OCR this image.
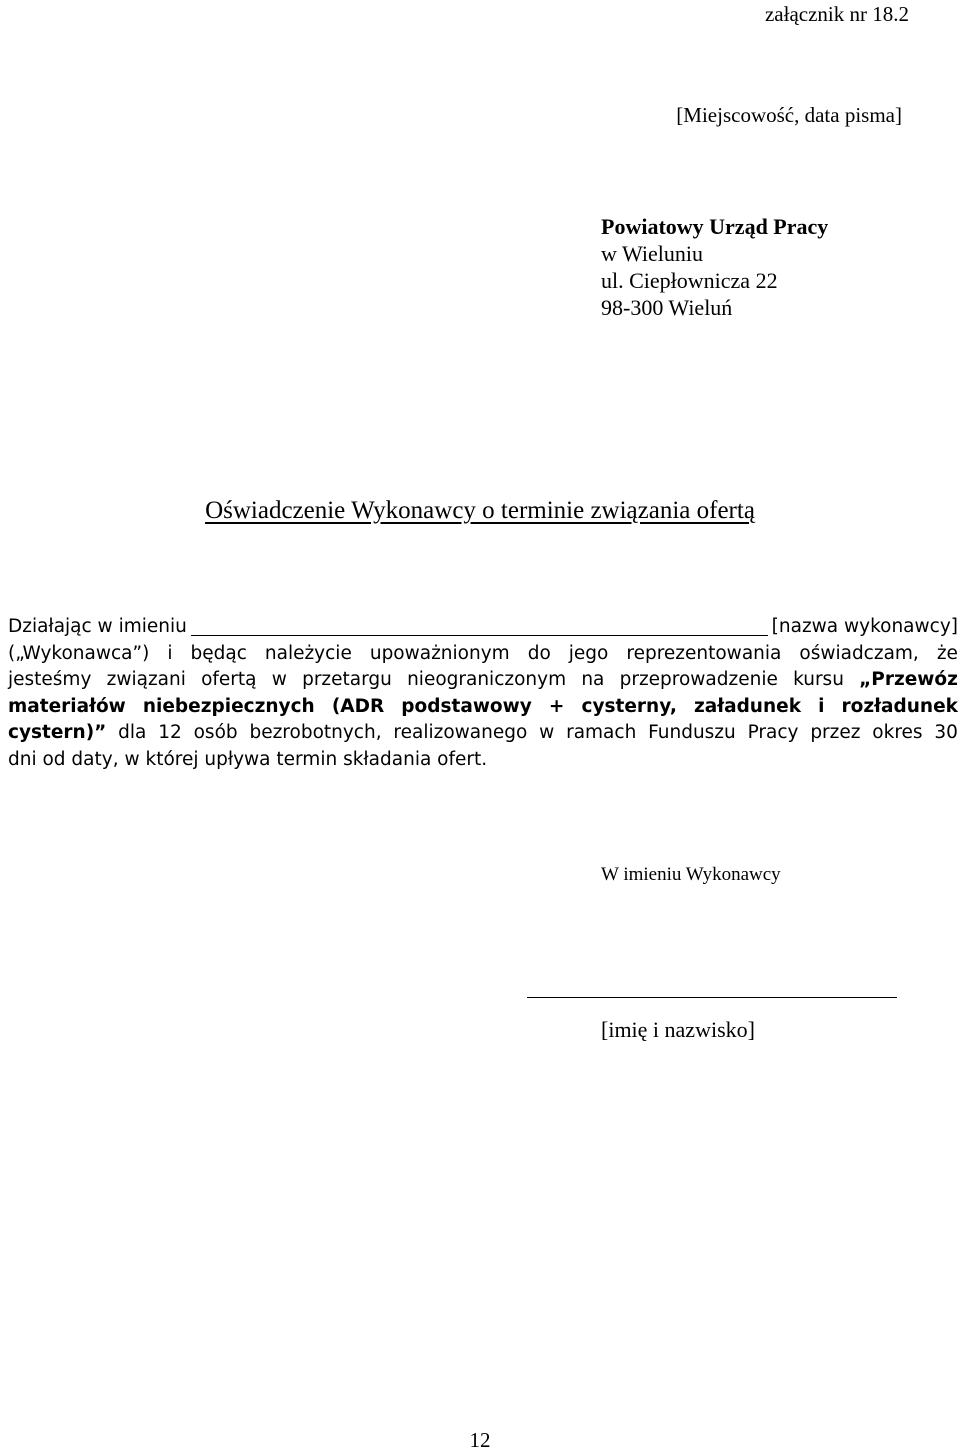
załącznik nr 18.2
[Miejscowość, data pisma]
Powiatowy Urząd Pracy
w Wieluniu
ul. Ciepłownicza 22
98-300 Wieluń
Oświadczenie Wykonawcy o terminie związania ofertą
Działając w imieniu	[nazwa wykonawcy]
(„Wykonawca”) i będąc należycie upoważnionym do jego reprezentowania oświadczam, że
jesteśmy związani ofertą w przetargu nieograniczonym na przeprowadzenie kursu „Przewóz
materiałów niebezpiecznych (ADR podstawowy + cysterny, załadunek i rozładunek
cystern)” dla 12 osób bezrobotnych, realizowanego w ramach Funduszu Pracy przez okres 30
dni od daty, w której upływa termin składania ofert.
W imieniu Wykonawcy
[imię i nazwisko]
12
